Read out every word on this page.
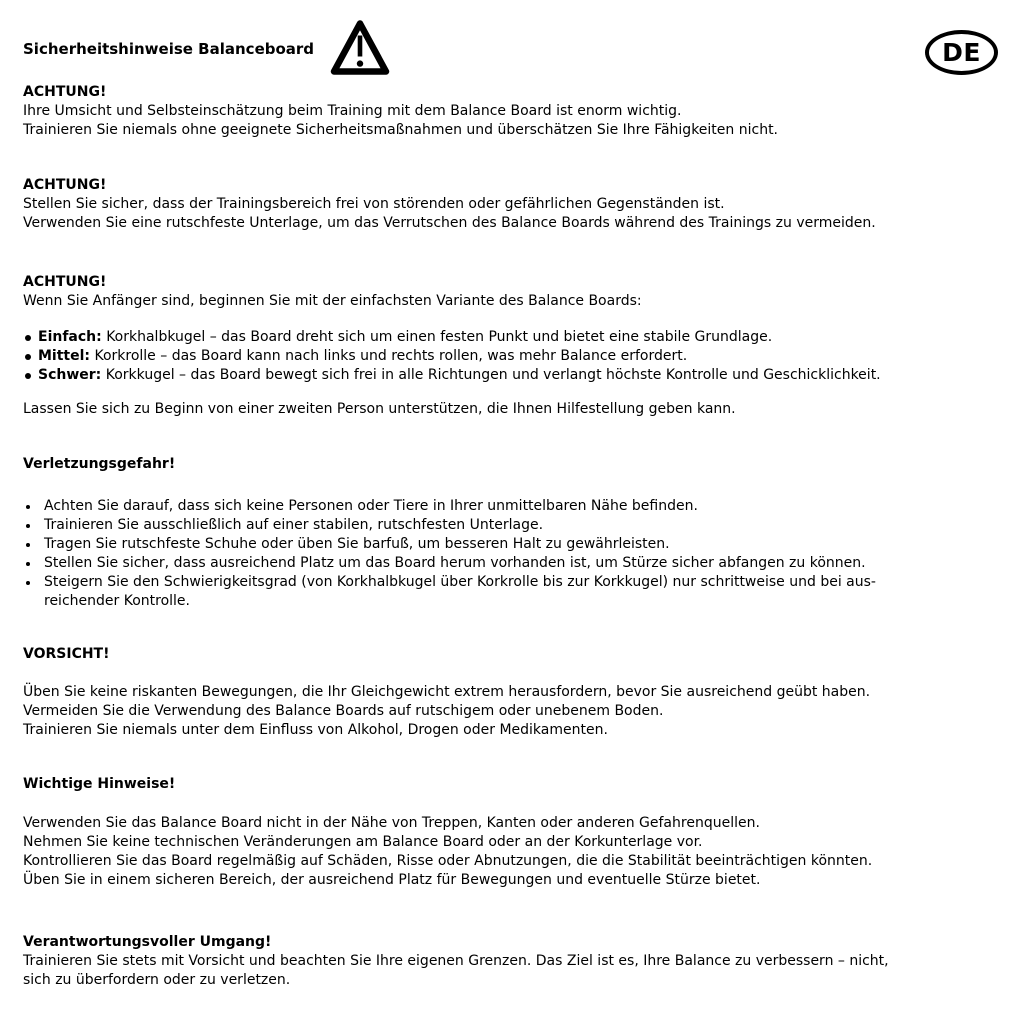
Sicherheitshinweise Balanceboard	DE
ACHTUNG!
Ihre Umsicht und Selbsteinschätzung beim Training mit dem Balance Board ist enorm wichtig.
Trainieren Sie niemals ohne geeignete Sicherheitsmaßnahmen und überschätzen Sie Ihre Fähigkeiten nicht.
ACHTUNG!
Stellen Sie sicher, dass der Trainingsbereich frei von störenden oder gefährlichen Gegenständen ist.
Verwenden Sie eine rutschfeste Unterlage, um das Verrutschen des Balance Boards während des Trainings zu vermeiden.
ACHTUNG!
Wenn Sie Anfänger sind, beginnen Sie mit der einfachsten Variante des Balance Boards:
Einfach: Korkhalbkugel – das Board dreht sich um einen festen Punkt und bietet eine stabile Grundlage.
Mittel: Korkrolle – das Board kann nach links und rechts rollen, was mehr Balance erfordert.
Schwer: Korkkugel – das Board bewegt sich frei in alle Richtungen und verlangt höchste Kontrolle und Geschicklichkeit.
Lassen Sie sich zu Beginn von einer zweiten Person unterstützen, die Ihnen Hilfestellung geben kann.
Verletzungsgefahr!
Achten Sie darauf, dass sich keine Personen oder Tiere in Ihrer unmittelbaren Nähe befinden.
Trainieren Sie ausschließlich auf einer stabilen, rutschfesten Unterlage.
Tragen Sie rutschfeste Schuhe oder üben Sie barfuß, um besseren Halt zu gewährleisten.
Stellen Sie sicher, dass ausreichend Platz um das Board herum vorhanden ist, um Stürze sicher abfangen zu können.
Steigern Sie den Schwierigkeitsgrad (von Korkhalbkugel über Korkrolle bis zur Korkkugel) nur schrittweise und bei aus-
reichender Kontrolle.
VORSICHT!
Üben Sie keine riskanten Bewegungen, die Ihr Gleichgewicht extrem herausfordern, bevor Sie ausreichend geübt haben.
Vermeiden Sie die Verwendung des Balance Boards auf rutschigem oder unebenem Boden.
Trainieren Sie niemals unter dem Einfluss von Alkohol, Drogen oder Medikamenten.
Wichtige Hinweise!
Verwenden Sie das Balance Board nicht in der Nähe von Treppen, Kanten oder anderen Gefahrenquellen.
Nehmen Sie keine technischen Veränderungen am Balance Board oder an der Korkunterlage vor.
Kontrollieren Sie das Board regelmäßig auf Schäden, Risse oder Abnutzungen, die die Stabilität beeinträchtigen könnten.
Üben Sie in einem sicheren Bereich, der ausreichend Platz für Bewegungen und eventuelle Stürze bietet.
Verantwortungsvoller Umgang!
Trainieren Sie stets mit Vorsicht und beachten Sie Ihre eigenen Grenzen. Das Ziel ist es, Ihre Balance zu verbessern – nicht,
sich zu überfordern oder zu verletzen.
